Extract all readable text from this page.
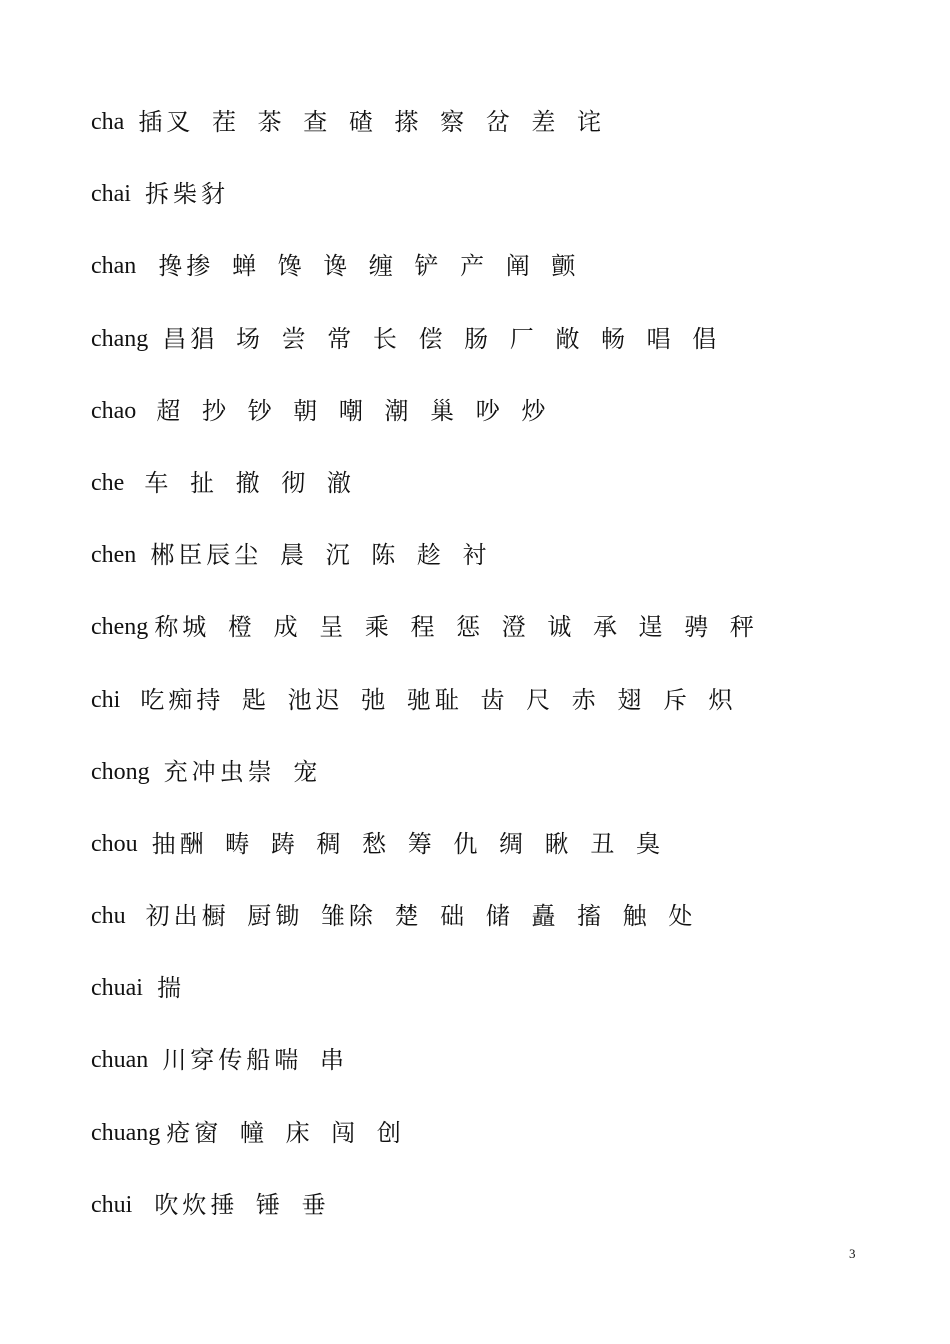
cha 插叉 茬 茶 查 碴 搽 察 岔 差 诧
chai 拆柴豺
chan 搀掺 蝉 馋 谗 缠 铲 产 阐 颤
chang 昌猖 场 尝 常 长 偿 肠 厂 敞 畅 唱 倡
chao 超 抄 钞 朝 嘲 潮 巢 吵 炒
che 车 扯 撤 彻 澈
chen 郴臣辰尘 晨 沉 陈 趁 衬
cheng 称城 橙 成 呈 乘 程 惩 澄 诚 承 逞 骋 秤
chi 吃痴持 匙 池迟 弛 驰耻 齿 尺 赤 翅 斥 炽
chong 充冲虫崇 宠
chou 抽酬 畴 踌 稠 愁 筹 仇 绸 瞅 丑 臭
chu 初出橱 厨锄 雏除 楚 础 储 矗 搐 触 处
chuai 揣
chuan 川穿传船喘 串
chuang 疮窗 幢 床 闯 创
chui 吹炊捶 锤 垂
3
